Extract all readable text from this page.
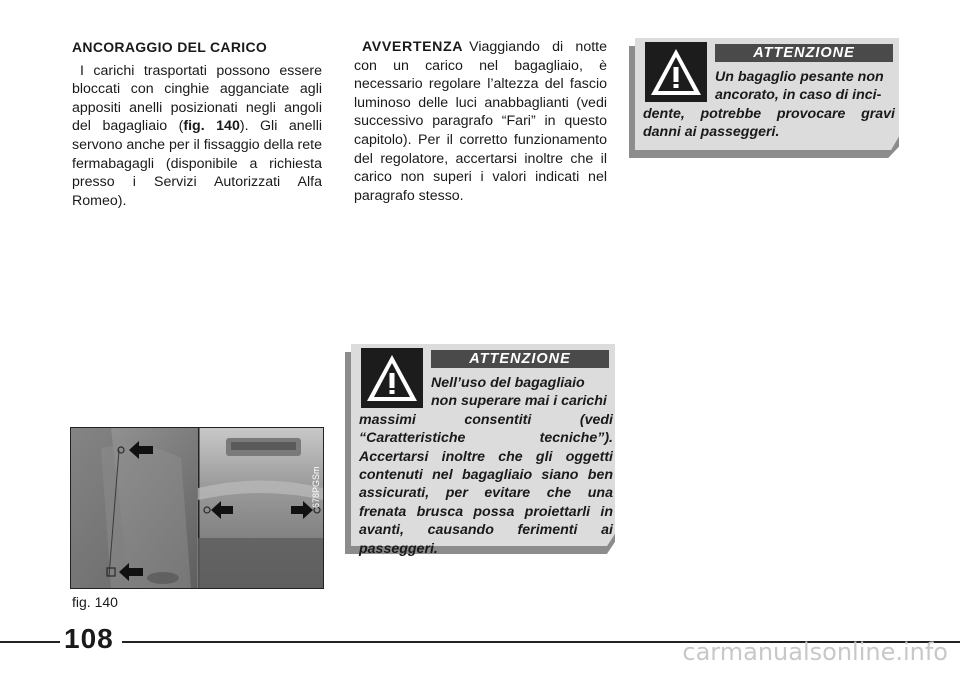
ANCORAGGIO DEL CARICO

I carichi trasportati possono essere bloccati con cinghie agganciate agli appositi anelli posizionati negli angoli del bagagliaio (fig. 140). Gli anelli servono anche per il fissaggio della rete fermabagagli (disponibile a richiesta presso i Servizi Autorizzati Alfa Romeo).

AVVERTENZA Viaggiando di notte con un carico nel bagagliaio, è necessario regolare l’altezza del fascio luminoso delle luci anabbaglianti (vedi successivo paragrafo “Fari” in questo capitolo). Per il corretto funzionamento del regolatore, accertarsi inoltre che il carico non superi i valori indicati nel paragrafo stesso.

ATTENZIONE
Un bagaglio pesante non
ancorato, in caso di inci-
dente, potrebbe provocare gravi danni ai passeggeri.
ATTENZIONE
Nell’uso del bagagliaio
non superare mai i carichi
massimi consentiti (vedi “Caratteristiche tecniche”). Accertarsi inoltre che gli oggetti contenuti nel bagagliaio siano ben assicurati, per evitare che una frenata brusca possa proiettarli in avanti, causando ferimenti ai passeggeri.
678PGSm
fig. 140
108	carmanualsonline.info
